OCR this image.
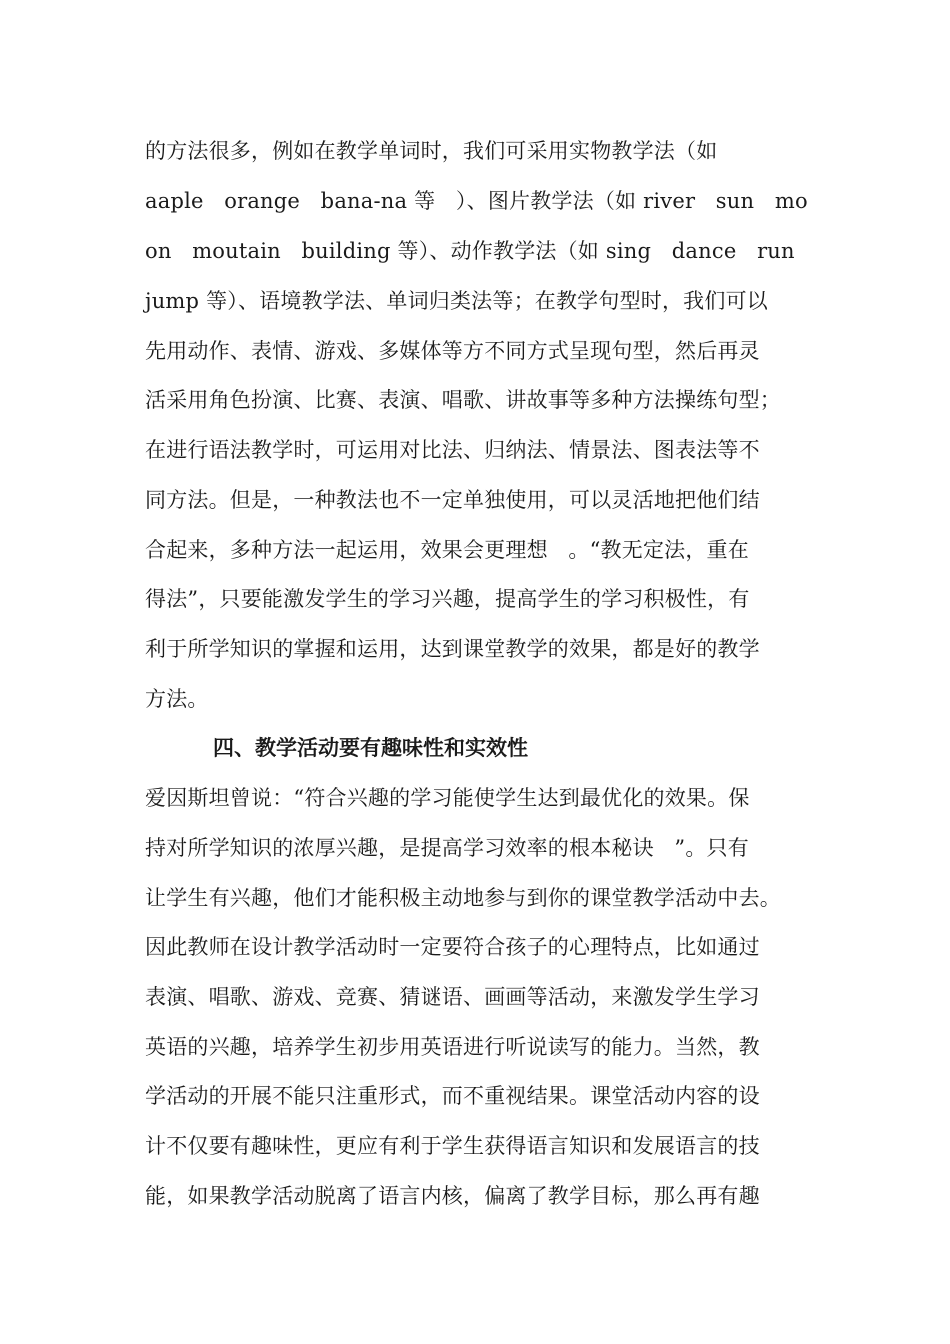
的方法很多，例如在教学单词时，我们可采用实物教学法（如
aaple   orange   bana-na 等   ）、图片教学法（如 river   sun   mo
on   moutain   building 等）、动作教学法（如 sing   dance   run
jump 等）、语境教学法、单词归类法等；在教学句型时，我们可以
先用动作、表情、游戏、多媒体等方不同方式呈现句型，然后再灵
活采用角色扮演、比赛、表演、唱歌、讲故事等多种方法操练句型；
在进行语法教学时，可运用对比法、归纳法、情景法、图表法等不
同方法。但是，一种教法也不一定单独使用，可以灵活地把他们结
合起来，多种方法一起运用，效果会更理想   。“教无定法，重在
得法”，只要能激发学生的学习兴趣，提高学生的学习积极性，有
利于所学知识的掌握和运用，达到课堂教学的效果，都是好的教学
方法。
四、教学活动要有趣味性和实效性
爱因斯坦曾说：“符合兴趣的学习能使学生达到最优化的效果。保
持对所学知识的浓厚兴趣，是提高学习效率的根本秘诀   ”。只有
让学生有兴趣，他们才能积极主动地参与到你的课堂教学活动中去。
因此教师在设计教学活动时一定要符合孩子的心理特点，比如通过
表演、唱歌、游戏、竞赛、猜谜语、画画等活动，来激发学生学习
英语的兴趣，培养学生初步用英语进行听说读写的能力。当然，教
学活动的开展不能只注重形式，而不重视结果。课堂活动内容的设
计不仅要有趣味性，更应有利于学生获得语言知识和发展语言的技
能，如果教学活动脱离了语言内核，偏离了教学目标，那么再有趣
